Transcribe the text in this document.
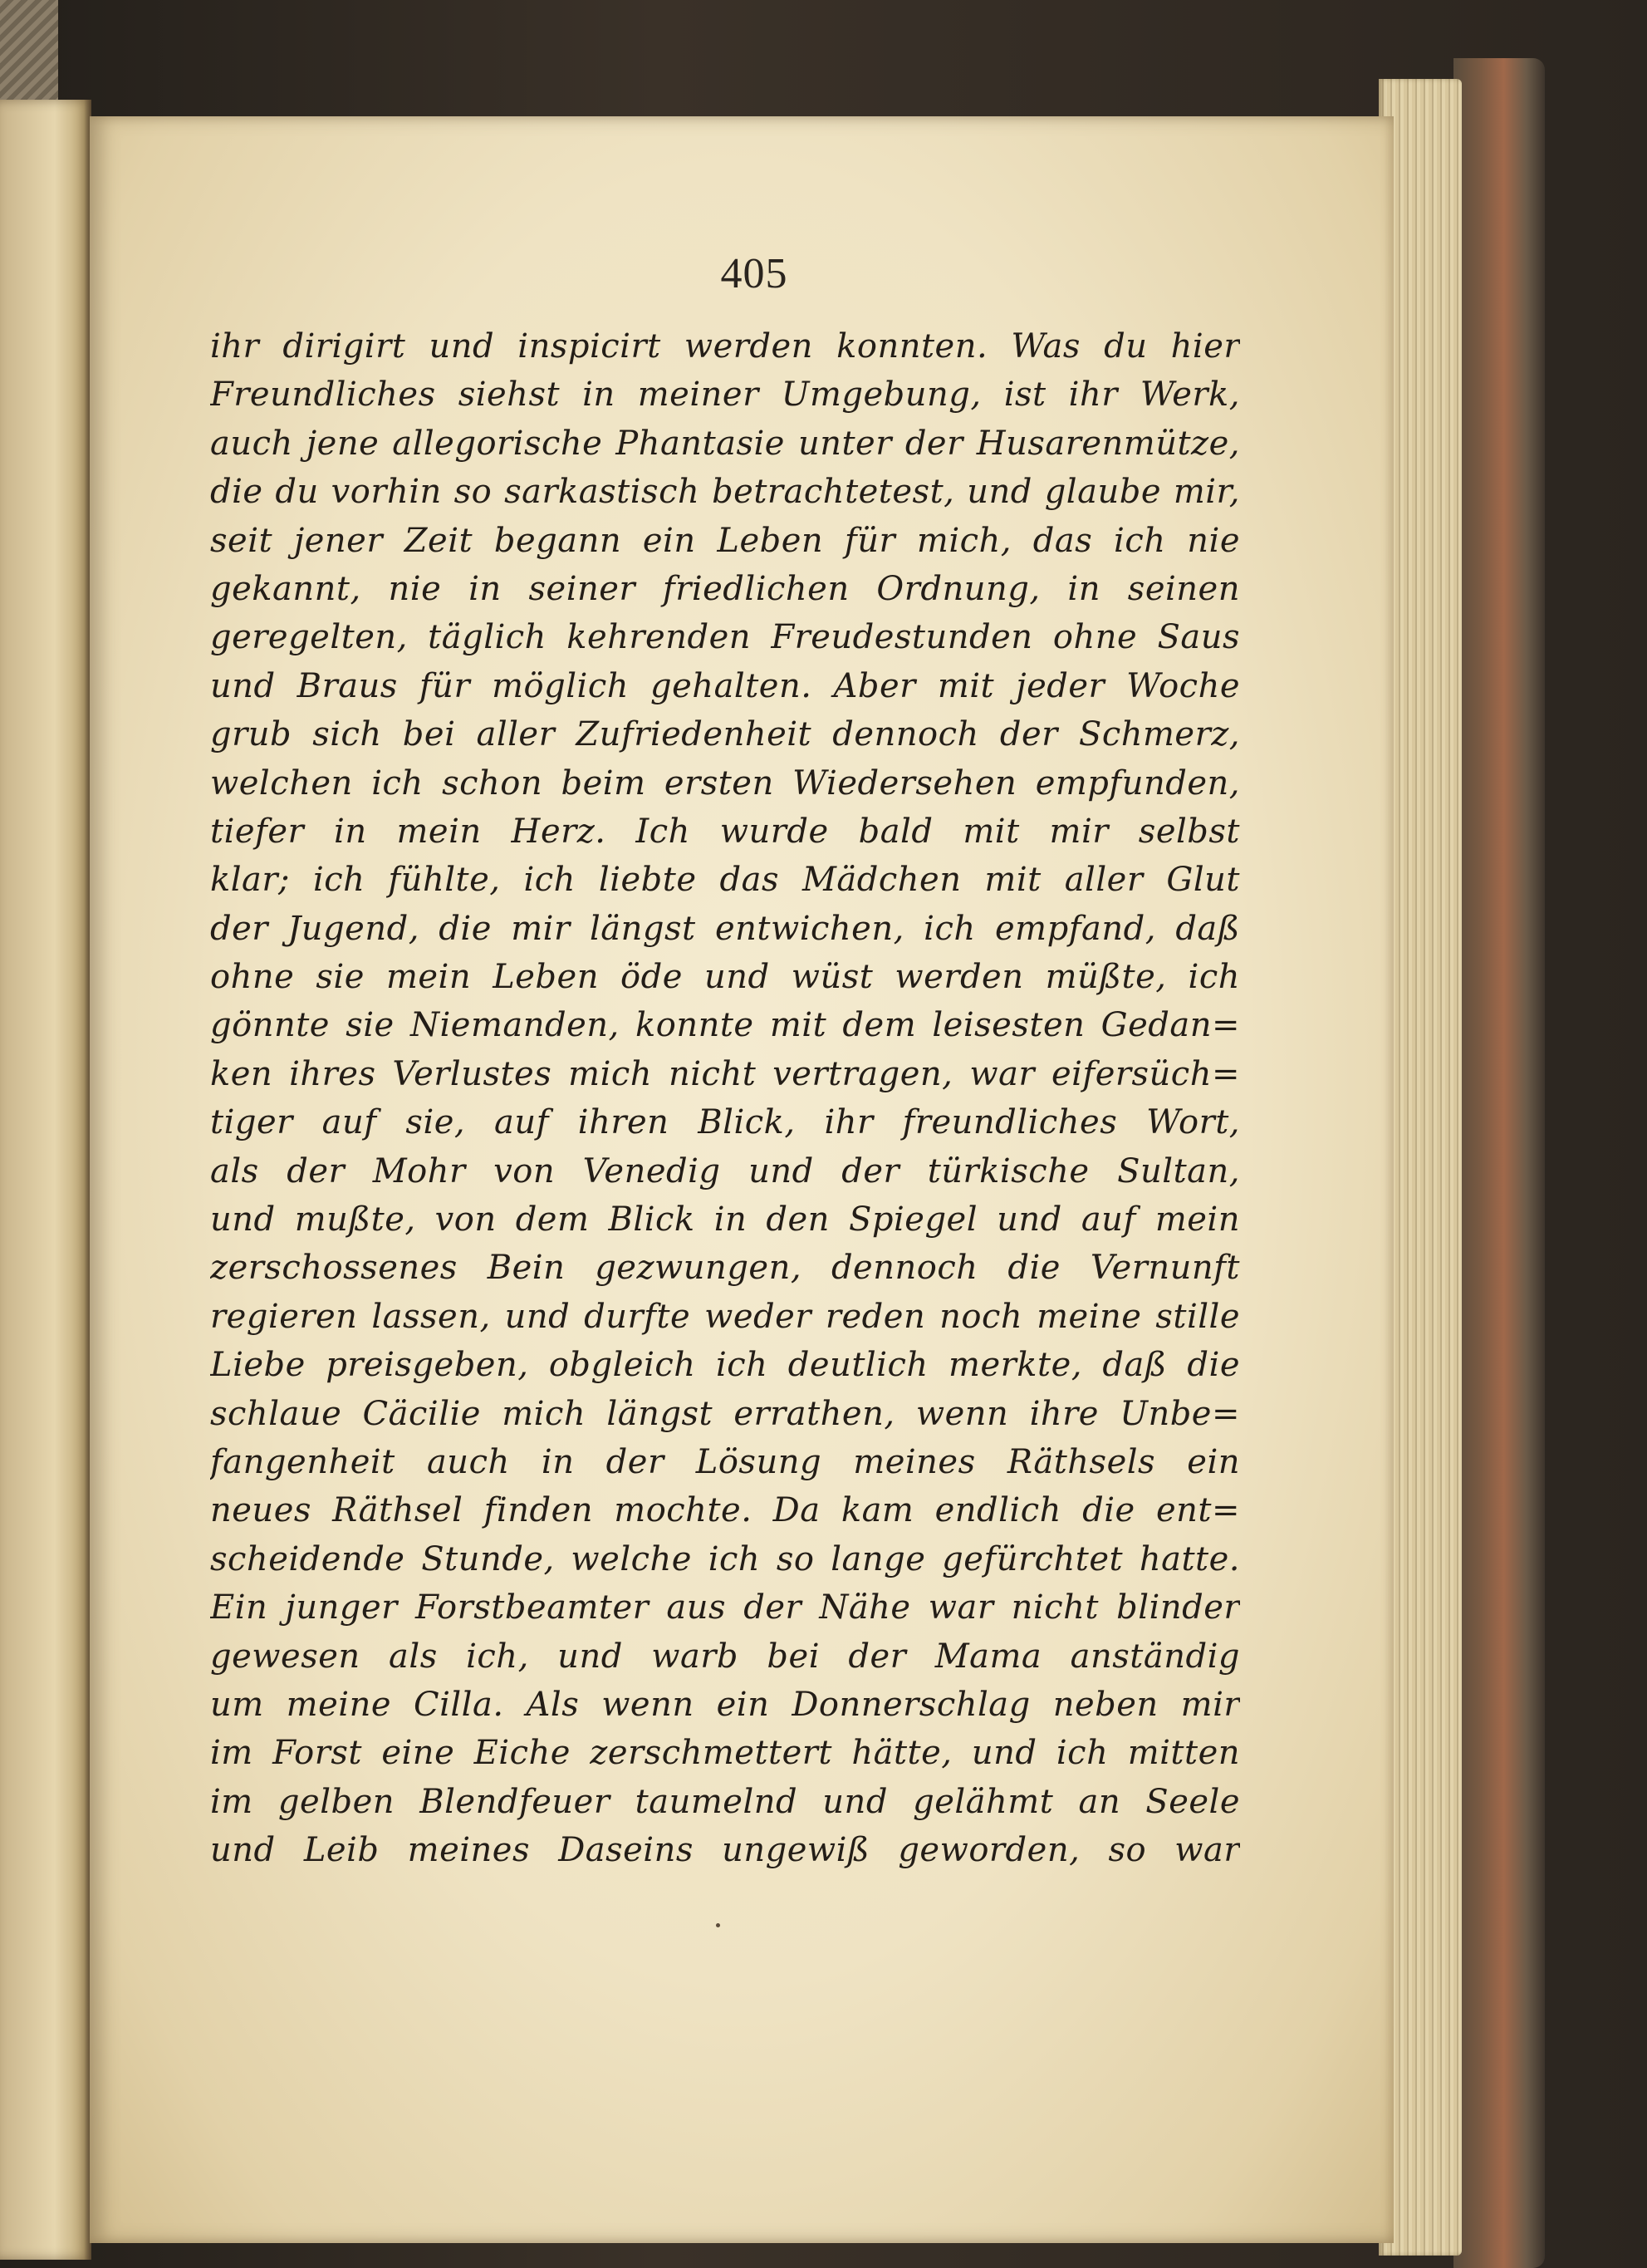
405
ihr dirigirt und inspicirt werden konnten. Was du hier
Freundliches siehst in meiner Umgebung, ist ihr Werk,
auch jene allegorische Phantasie unter der Husarenmütze,
die du vorhin so sarkastisch betrachtetest, und glaube mir,
seit jener Zeit begann ein Leben für mich, das ich nie
gekannt, nie in seiner friedlichen Ordnung, in seinen
geregelten, täglich kehrenden Freudestunden ohne Saus
und Braus für möglich gehalten. Aber mit jeder Woche
grub sich bei aller Zufriedenheit dennoch der Schmerz,
welchen ich schon beim ersten Wiedersehen empfunden,
tiefer in mein Herz. Ich wurde bald mit mir selbst
klar; ich fühlte, ich liebte das Mädchen mit aller Glut
der Jugend, die mir längst entwichen, ich empfand, daß
ohne sie mein Leben öde und wüst werden müßte, ich
gönnte sie Niemanden, konnte mit dem leisesten Gedan=
ken ihres Verlustes mich nicht vertragen, war eifersüch=
tiger auf sie, auf ihren Blick, ihr freundliches Wort,
als der Mohr von Venedig und der türkische Sultan,
und mußte, von dem Blick in den Spiegel und auf mein
zerschossenes Bein gezwungen, dennoch die Vernunft
regieren lassen, und durfte weder reden noch meine stille
Liebe preisgeben, obgleich ich deutlich merkte, daß die
schlaue Cäcilie mich längst errathen, wenn ihre Unbe=
fangenheit auch in der Lösung meines Räthsels ein
neues Räthsel finden mochte. Da kam endlich die ent=
scheidende Stunde, welche ich so lange gefürchtet hatte.
Ein junger Forstbeamter aus der Nähe war nicht blinder
gewesen als ich, und warb bei der Mama anständig
um meine Cilla. Als wenn ein Donnerschlag neben mir
im Forst eine Eiche zerschmettert hätte, und ich mitten
im gelben Blendfeuer taumelnd und gelähmt an Seele
und Leib meines Daseins ungewiß geworden, so war
